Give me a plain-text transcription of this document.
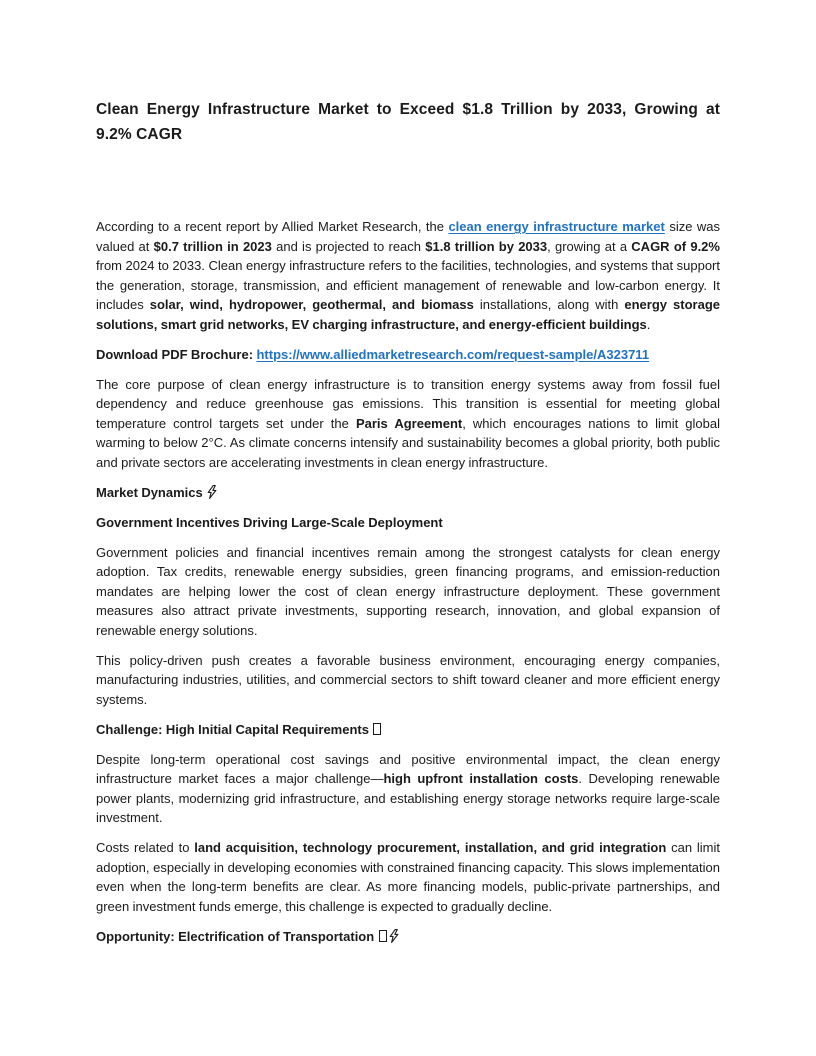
Clean Energy Infrastructure Market to Exceed $1.8 Trillion by 2033, Growing at 9.2% CAGR

According to a recent report by Allied Market Research, the clean energy infrastructure market size was valued at $0.7 trillion in 2023 and is projected to reach $1.8 trillion by 2033, growing at a CAGR of 9.2% from 2024 to 2033. Clean energy infrastructure refers to the facilities, technologies, and systems that support the generation, storage, transmission, and efficient management of renewable and low-carbon energy. It includes solar, wind, hydropower, geothermal, and biomass installations, along with energy storage solutions, smart grid networks, EV charging infrastructure, and energy-efficient buildings.

Download PDF Brochure: https://www.alliedmarketresearch.com/request-sample/A323711

The core purpose of clean energy infrastructure is to transition energy systems away from fossil fuel dependency and reduce greenhouse gas emissions. This transition is essential for meeting global temperature control targets set under the Paris Agreement, which encourages nations to limit global warming to below 2°C. As climate concerns intensify and sustainability becomes a global priority, both public and private sectors are accelerating investments in clean energy infrastructure.

Market Dynamics
Government Incentives Driving Large-Scale Deployment

Government policies and financial incentives remain among the strongest catalysts for clean energy adoption. Tax credits, renewable energy subsidies, green financing programs, and emission-reduction mandates are helping lower the cost of clean energy infrastructure deployment. These government measures also attract private investments, supporting research, innovation, and global expansion of renewable energy solutions.

This policy-driven push creates a favorable business environment, encouraging energy companies, manufacturing industries, utilities, and commercial sectors to shift toward cleaner and more efficient energy systems.

Challenge: High Initial Capital Requirements

Despite long-term operational cost savings and positive environmental impact, the clean energy infrastructure market faces a major challenge—high upfront installation costs. Developing renewable power plants, modernizing grid infrastructure, and establishing energy storage networks require large-scale investment.

Costs related to land acquisition, technology procurement, installation, and grid integration can limit adoption, especially in developing economies with constrained financing capacity. This slows implementation even when the long-term benefits are clear. As more financing models, public-private partnerships, and green investment funds emerge, this challenge is expected to gradually decline.

Opportunity: Electrification of Transportation
